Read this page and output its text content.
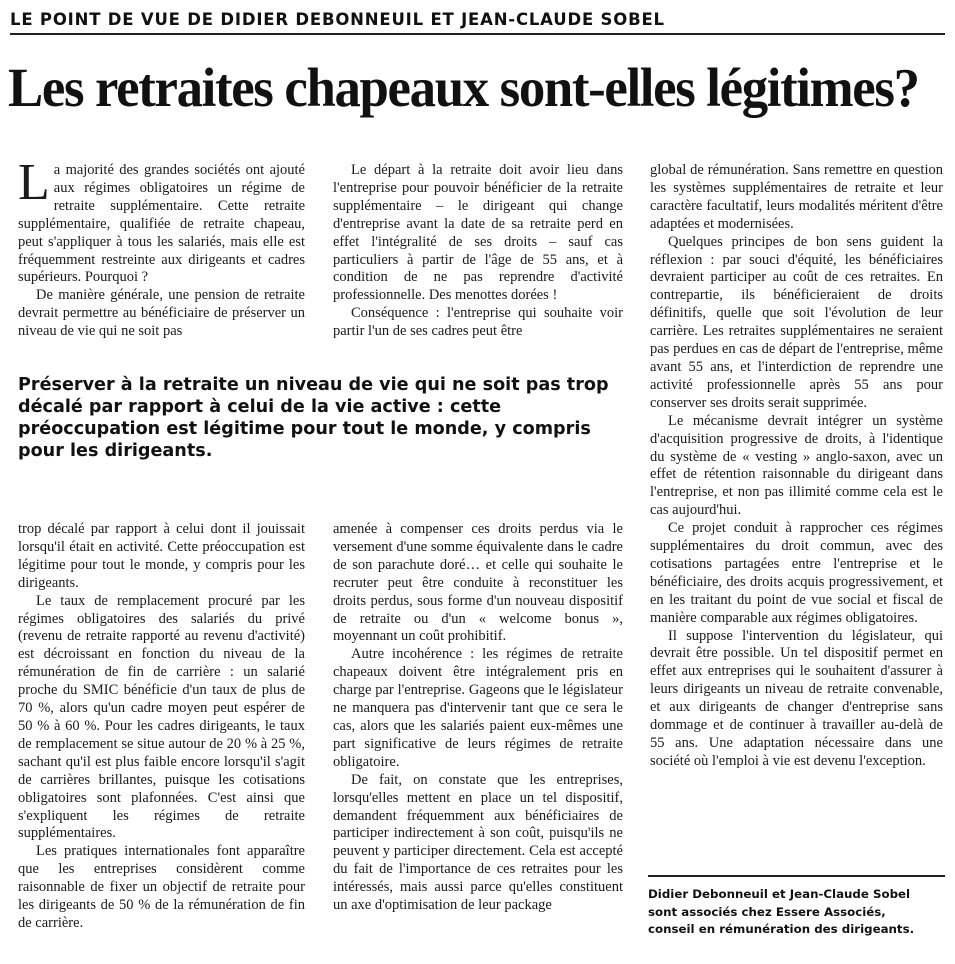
LE POINT DE VUE DE DIDIER DEBONNEUIL ET JEAN-CLAUDE SOBEL
Les retraites chapeaux sont-elles légitimes?

La majorité des grandes sociétés ont ajouté aux régimes obligatoires un régime de retraite supplémentaire. Cette retraite supplémentaire, qualifiée de retraite chapeau, peut s'appliquer à tous les salariés, mais elle est fréquemment restreinte aux dirigeants et cadres supérieurs. Pourquoi ?

De manière générale, une pension de retraite devrait permettre au bénéficiaire de préserver un niveau de vie qui ne soit pas

Le départ à la retraite doit avoir lieu dans l'entreprise pour pouvoir bénéficier de la retraite supplémentaire – le dirigeant qui change d'entreprise avant la date de sa retraite perd en effet l'intégralité de ses droits – sauf cas particuliers à partir de l'âge de 55 ans, et à condition de ne pas reprendre d'activité professionnelle. Des menottes dorées !

Conséquence : l'entreprise qui souhaite voir partir l'un de ses cadres peut être

Préserver à la retraite un niveau de vie qui ne soit pas trop décalé par rapport à celui de la vie active : cette préoccupation est légitime pour tout le monde, y compris pour les dirigeants.

trop décalé par rapport à celui dont il jouissait lorsqu'il était en activité. Cette préoccupation est légitime pour tout le monde, y compris pour les dirigeants.

Le taux de remplacement procuré par les régimes obligatoires des salariés du privé (revenu de retraite rapporté au revenu d'activité) est décroissant en fonction du niveau de la rémunération de fin de carrière : un salarié proche du SMIC bénéficie d'un taux de plus de 70 %, alors qu'un cadre moyen peut espérer de 50 % à 60 %. Pour les cadres dirigeants, le taux de remplacement se situe autour de 20 % à 25 %, sachant qu'il est plus faible encore lorsqu'il s'agit de carrières brillantes, puisque les cotisations obligatoires sont plafonnées. C'est ainsi que s'expliquent les régimes de retraite supplémentaires.

Les pratiques internationales font apparaître que les entreprises considèrent comme raisonnable de fixer un objectif de retraite pour les dirigeants de 50 % de la rémunération de fin de carrière.

amenée à compenser ces droits perdus via le versement d'une somme équivalente dans le cadre de son parachute doré… et celle qui souhaite le recruter peut être conduite à reconstituer les droits perdus, sous forme d'un nouveau dispositif de retraite ou d'un « welcome bonus », moyennant un coût prohibitif.

Autre incohérence : les régimes de retraite chapeaux doivent être intégralement pris en charge par l'entreprise. Gageons que le législateur ne manquera pas d'intervenir tant que ce sera le cas, alors que les salariés paient eux-mêmes une part significative de leurs régimes de retraite obligatoire.

De fait, on constate que les entreprises, lorsqu'elles mettent en place un tel dispositif, demandent fréquemment aux bénéficiaires de participer indirectement à son coût, puisqu'ils ne peuvent y participer directement. Cela est accepté du fait de l'importance de ces retraites pour les intéressés, mais aussi parce qu'elles constituent un axe d'optimisation de leur package

global de rémunération. Sans remettre en question les systèmes supplémentaires de retraite et leur caractère facultatif, leurs modalités méritent d'être adaptées et modernisées.

Quelques principes de bon sens guident la réflexion : par souci d'équité, les bénéficiaires devraient participer au coût de ces retraites. En contrepartie, ils bénéficieraient de droits définitifs, quelle que soit l'évolution de leur carrière. Les retraites supplémentaires ne seraient pas perdues en cas de départ de l'entreprise, même avant 55 ans, et l'interdiction de reprendre une activité professionnelle après 55 ans pour conserver ses droits serait supprimée.

Le mécanisme devrait intégrer un système d'acquisition progressive de droits, à l'identique du système de « vesting » anglo-saxon, avec un effet de rétention raisonnable du dirigeant dans l'entreprise, et non pas illimité comme cela est le cas aujourd'hui.

Ce projet conduit à rapprocher ces régimes supplémentaires du droit commun, avec des cotisations partagées entre l'entreprise et le bénéficiaire, des droits acquis progressivement, et en les traitant du point de vue social et fiscal de manière comparable aux régimes obligatoires.

Il suppose l'intervention du législateur, qui devrait être possible. Un tel dispositif permet en effet aux entreprises qui le souhaitent d'assurer à leurs dirigeants un niveau de retraite convenable, et aux dirigeants de changer d'entreprise sans dommage et de continuer à travailler au-delà de 55 ans. Une adaptation nécessaire dans une société où l'emploi à vie est devenu l'exception.

Didier Debonneuil et Jean-Claude Sobel
sont associés chez Essere Associés,
conseil en rémunération des dirigeants.
